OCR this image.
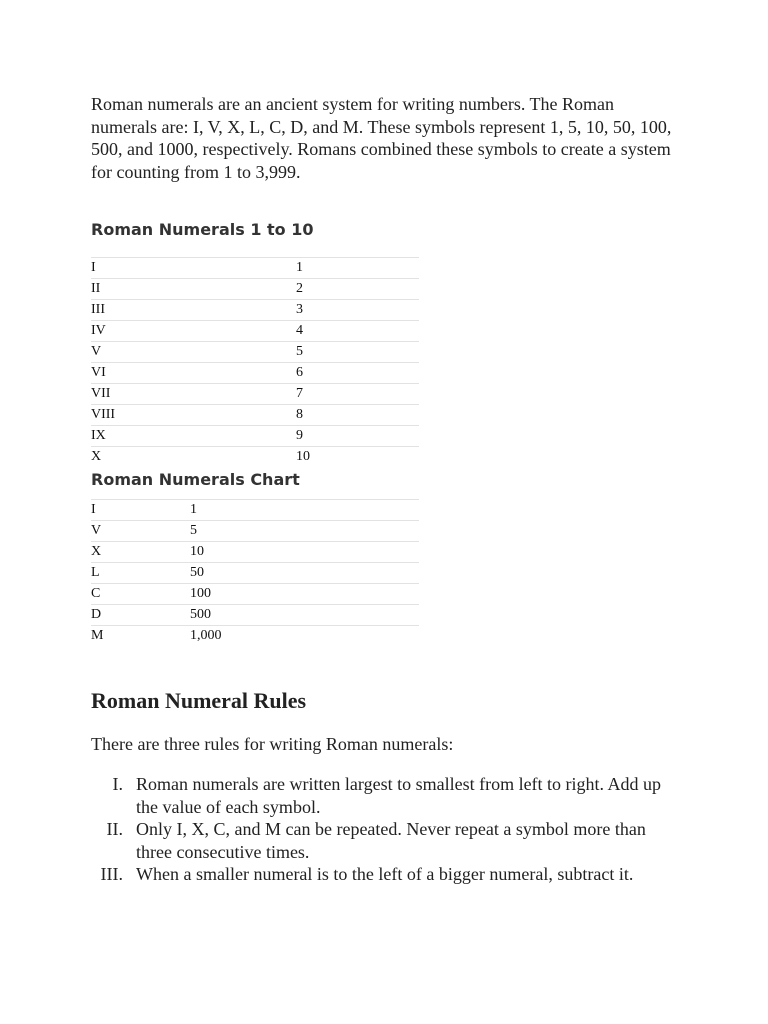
Roman numerals are an ancient system for writing numbers. The Roman numerals are: I, V, X, L, C, D, and M. These symbols represent 1, 5, 10, 50, 100, 500, and 1000, respectively. Romans combined these symbols to create a system for counting from 1 to 3,999.

Roman Numerals 1 to 10
I	1
II	2
III	3
IV	4
V	5
VI	6
VII	7
VIII	8
IX	9
X	10
Roman Numerals Chart
I	1
V	5
X	10
L	50
C	100
D	500
M	1,000
Roman Numeral Rules

There are three rules for writing Roman numerals:

I. Roman numerals are written largest to smallest from left to right. Add up the value of each symbol.
II. Only I, X, C, and M can be repeated. Never repeat a symbol more than three consecutive times.
III. When a smaller numeral is to the left of a bigger numeral, subtract it.
